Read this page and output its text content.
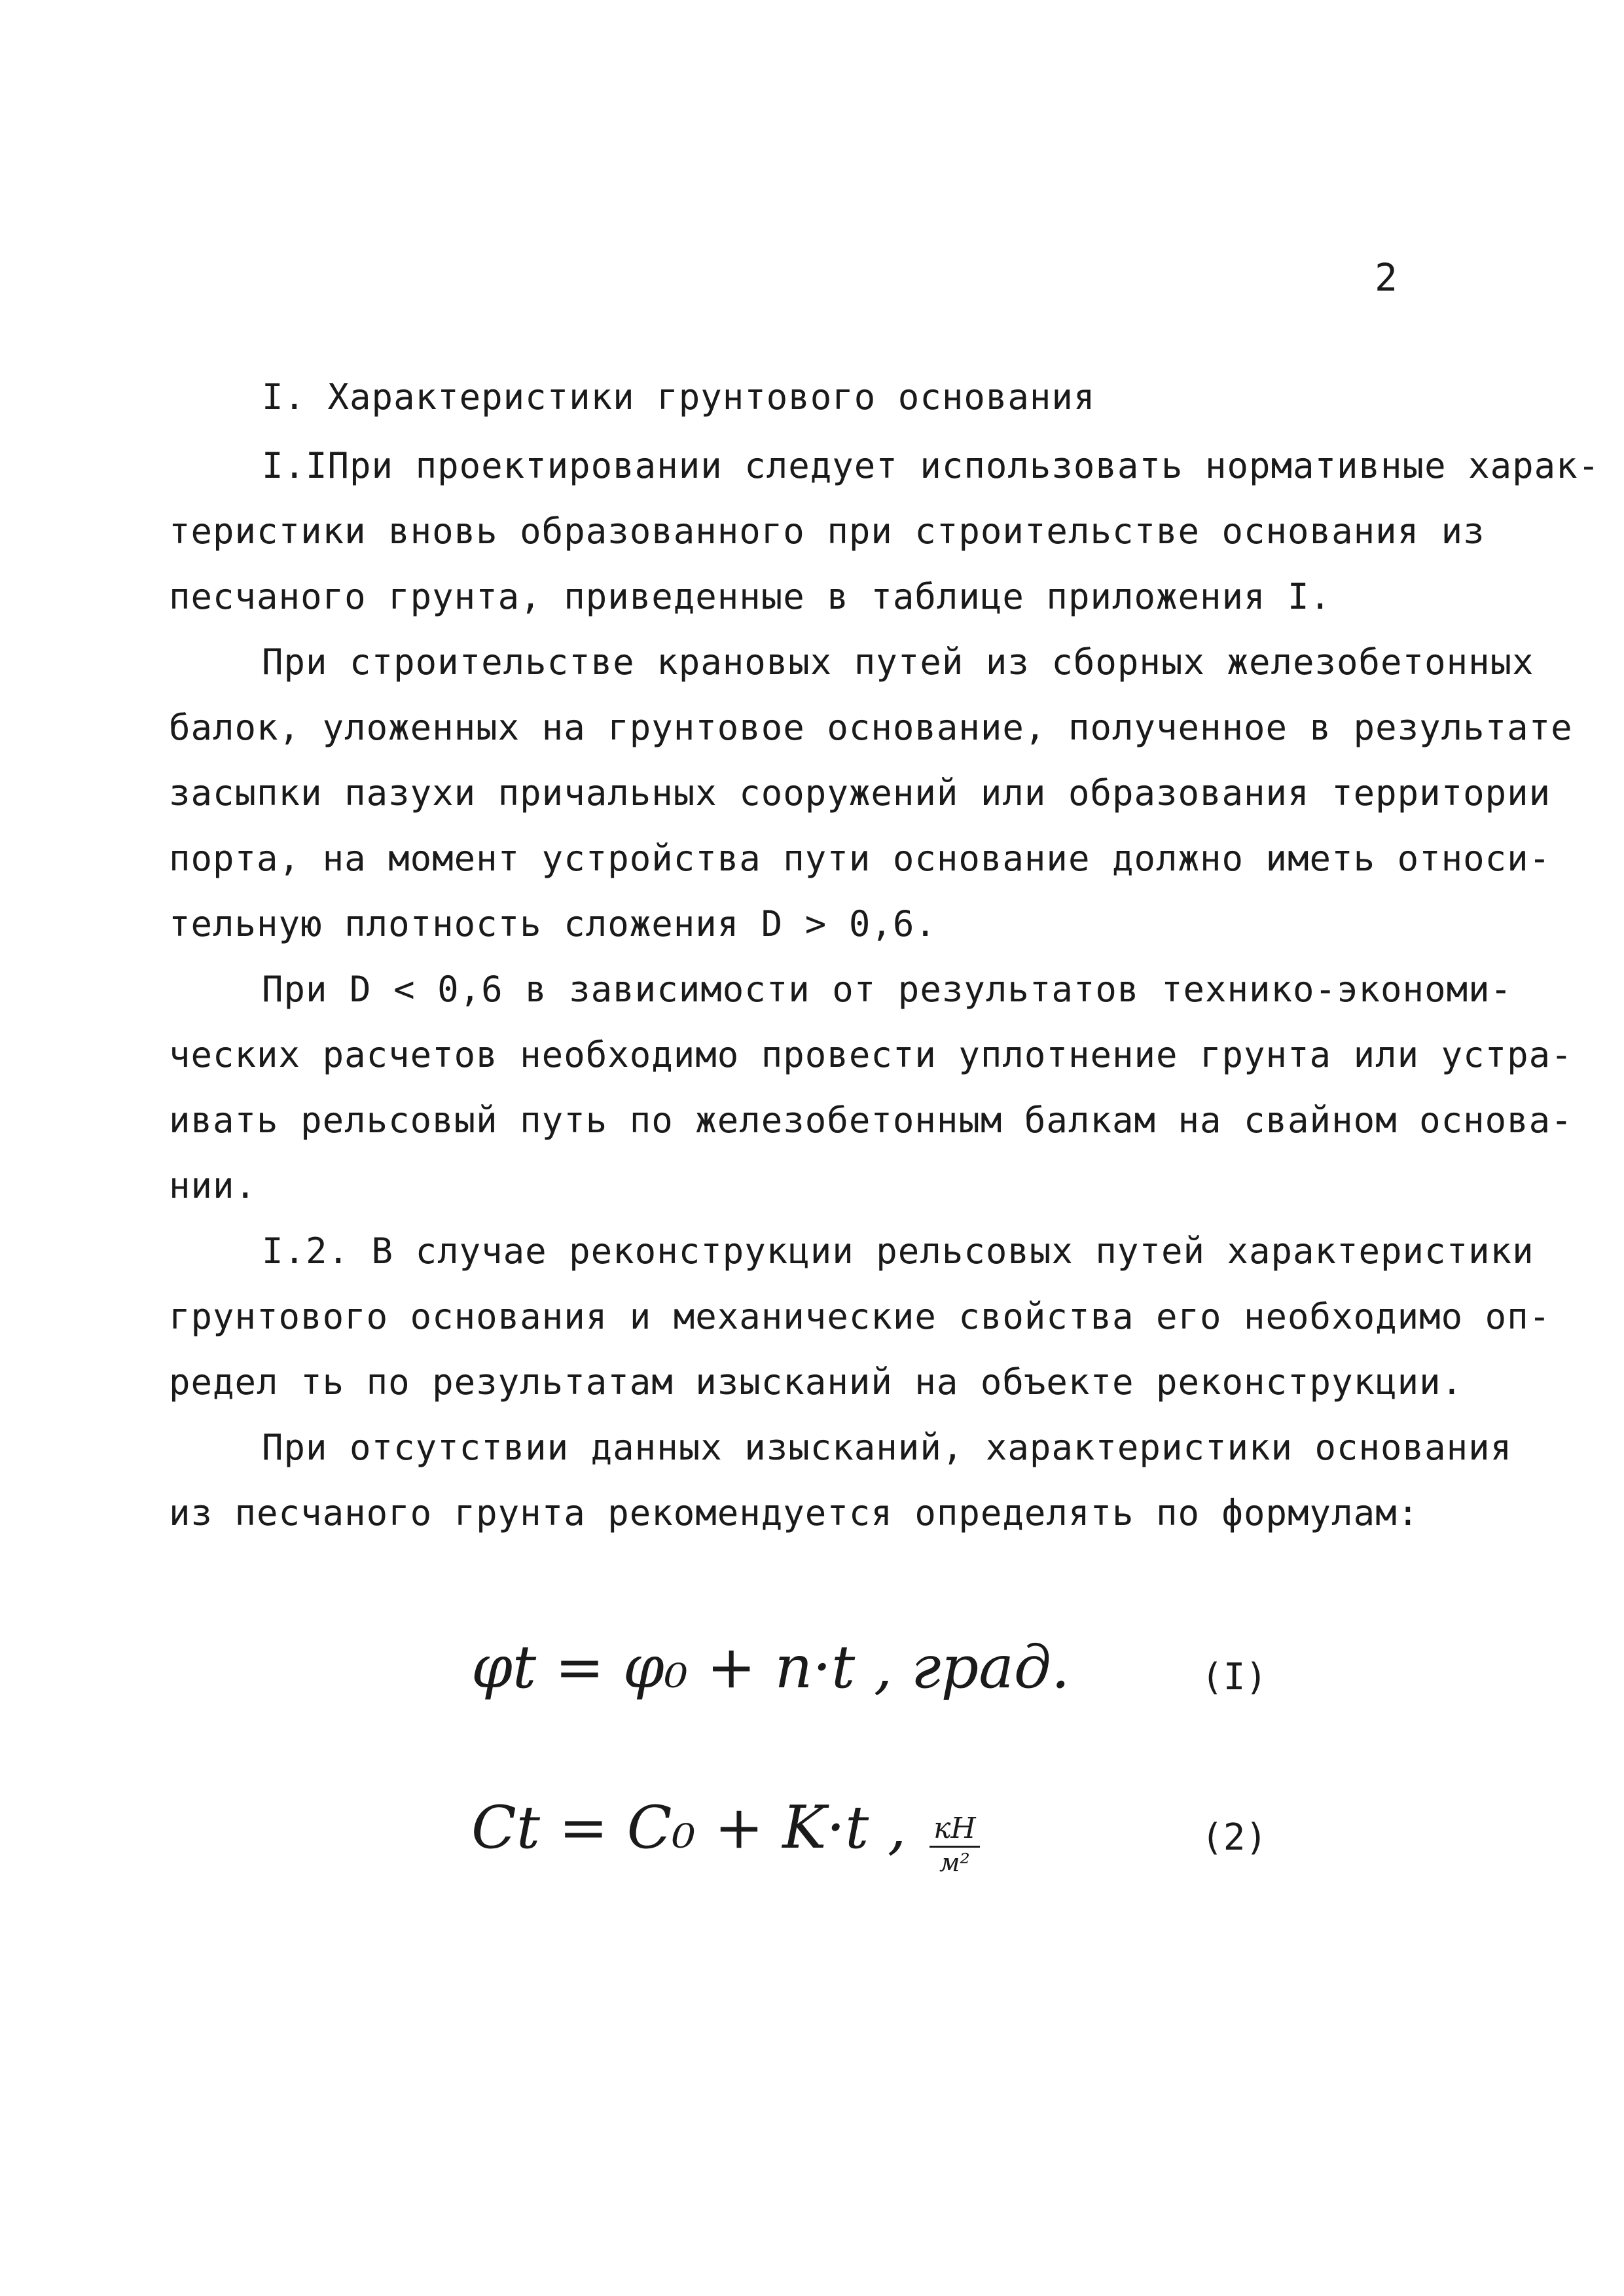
2
I. Характеристики грунтового основания
I.IПри проектировании следует использовать нормативные харак-
теристики вновь образованного при строительстве основания из
песчаного грунта, приведенные в таблице приложения I.
При строительстве крановых путей из сборных железобетонных
балок, уложенных на грунтовое основание, полученное в результате
засыпки пазухи причальных сооружений или образования территории
порта, на момент устройства пути основание должно иметь относи-
тельную плотность сложения D > 0,6.
При D < 0,6 в зависимости от результатов технико-экономи-
ческих расчетов необходимо провести уплотнение грунта или устра-
ивать рельсовый путь по железобетонным балкам на свайном основа-
нии.
I.2. В случае реконструкции рельсовых путей характеристики
грунтового основания и механические свойства его необходимо оп-
редел ть по результатам изысканий на объекте реконструкции.
При отсутствии данных изысканий, характеристики основания
из песчаного грунта рекомендуется определять по формулам:
φt = φ₀ + n·t , град.	(I)
Ct = C₀ + K·t , $\frac{кН}{\text{м²}}$	(2)
